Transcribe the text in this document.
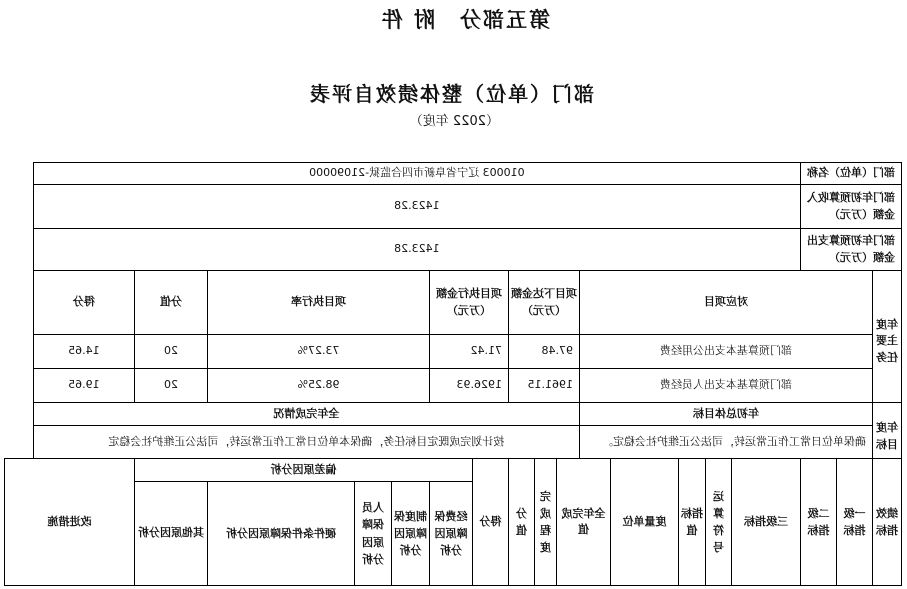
第五部分　附 件
部门（单位）整体绩效自评表
（2022 年度）
部门（单位）名称			010003 辽宁省阜新市四合监狱-21090000														
部门年初预算收入金额（万元）			1423.28														
部门年初预算支出金额（万元）			1423.28														
年度主要任务	对应项目							项目下达金额（万元）			项目执行金额（万元）		项目执行率			分值	得分
	部门预算基本支出公用经费							97.48			71.42		73.27%			20	14.65
	部门预算基本支出人员经费							1961.15			1926.93		98.25%			20	19.65
年度目标	年初总体目标							全年完成情况									
	确保单位日常工作正常运转，司法公正维护社会稳定。							按计划完成既定目标任务，确保本单位日常工作正常运转，司法公正维护社会稳定									
绩效指标	一级指标	二级指标	三级指标	运算符号	指标值	度量单位	全年完成值		完成程度	分值	得分	偏差原因分析					改进措施
												经费保障原因分析	制度保障原因分析	人员保障原因分析	硬件条件保障原因分析	其他原因分析	
